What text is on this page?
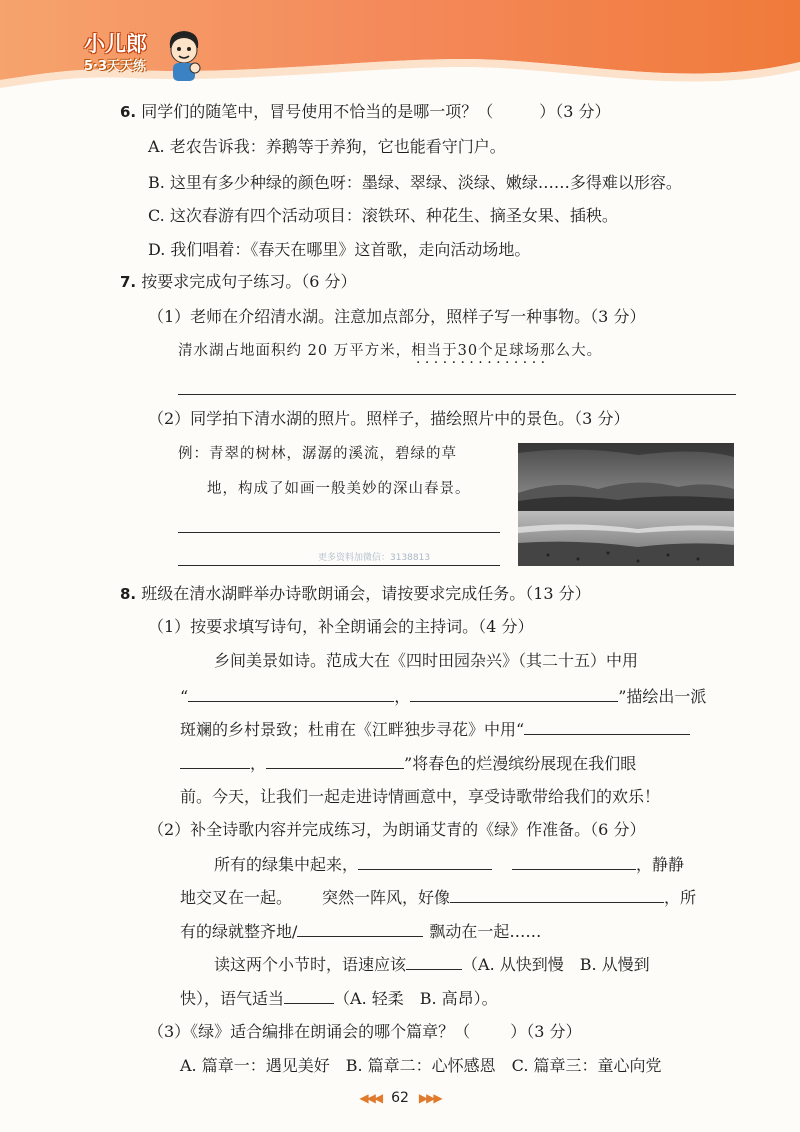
小儿郎
5·3天天练
6. 同学们的随笔中，冒号使用不恰当的是哪一项？（	）（3 分）
A. 老农告诉我：养鹅等于养狗，它也能看守门户。
B. 这里有多少种绿的颜色呀：墨绿、翠绿、淡绿、嫩绿……多得难以形容。
C. 这次春游有四个活动项目：滚铁环、种花生、摘圣女果、插秧。
D. 我们唱着：《春天在哪里》这首歌，走向活动场地。
7. 按要求完成句子练习。（6 分）
（1）老师在介绍清水湖。注意加点部分，照样子写一种事物。（3 分）
清水湖占地面积约 20 万平方米，相当于30个足球场那么大。
· · · · · · · · · · · · · · ·
（2）同学拍下清水湖的照片。照样子，描绘照片中的景色。（3 分）
例：青翠的树林，潺潺的溪流，碧绿的草
地，构成了如画一般美妙的深山春景。
更多资料加微信：3138813
8. 班级在清水湖畔举办诗歌朗诵会，请按要求完成任务。（13 分）
（1）按要求填写诗句，补全朗诵会的主持词。（4 分）
乡间美景如诗。范成大在《四时田园杂兴》（其二十五）中用
“	，	”描绘出一派
斑斓的乡村景致；杜甫在《江畔独步寻花》中用“
，	”将春色的烂漫缤纷展现在我们眼
前。今天，让我们一起走进诗情画意中，享受诗歌带给我们的欢乐！
（2）补全诗歌内容并完成练习，为朗诵艾青的《绿》作准备。（6 分）
所有的绿集中起来，	，静静
地交叉在一起。 突然一阵风，好像	，所
有的绿就整齐地/	飘动在一起……
读这两个小节时，语速应该	（A. 从快到慢　B. 从慢到
快），语气适当	（A. 轻柔　B. 高昂）。
（3）《绿》适合编排在朗诵会的哪个篇章？（	）（3 分）
A. 篇章一：遇见美好　B. 篇章二：心怀感恩　C. 篇章三：童心向党
◀◀◀ 62 ▶▶▶
